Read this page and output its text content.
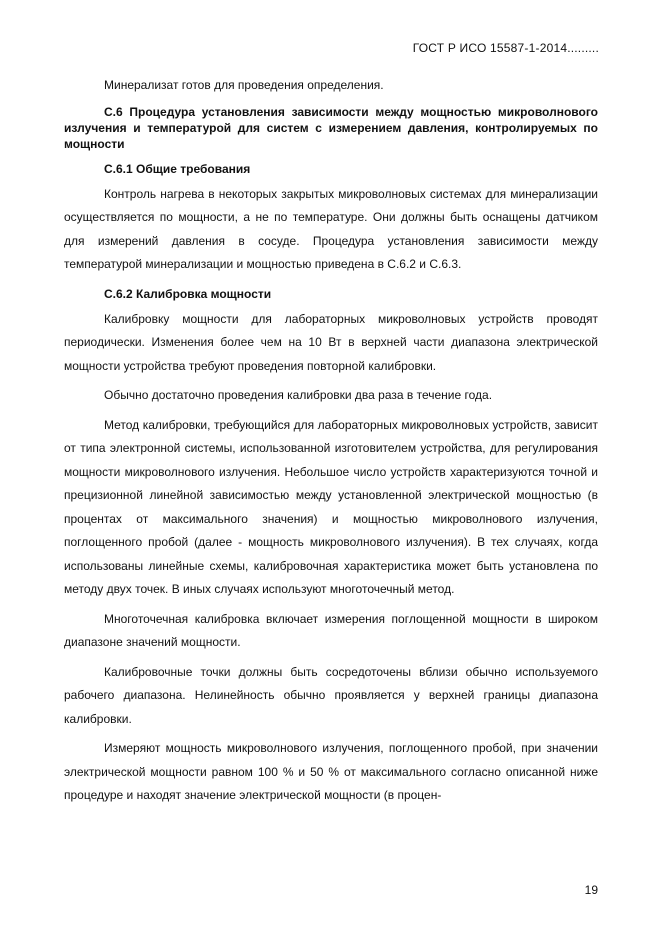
ГОСТ Р ИСО 15587-1-2014.........

Минерализат готов для проведения определения.

С.6 Процедура установления зависимости между мощностью микроволнового излучения и температурой для систем с измерением давления, контролируемых по мощности
С.6.1 Общие требования

Контроль нагрева в некоторых закрытых микроволновых системах для минерализации осуществляется по мощности, а не по температуре. Они должны быть оснащены датчиком для измерений давления в сосуде. Процедура установления зависимости между температурой минерализации и мощностью приведена в С.6.2 и С.6.3.

С.6.2 Калибровка мощности

Калибровку мощности для лабораторных микроволновых устройств проводят периодически. Изменения более чем на 10 Вт в верхней части диапазона электрической мощности устройства требуют проведения повторной калибровки.

Обычно достаточно проведения калибровки два раза в течение года.

Метод калибровки, требующийся для лабораторных микроволновых устройств, зависит от типа электронной системы, использованной изготовителем устройства, для регулирования мощности микроволнового излучения. Небольшое число устройств характеризуются точной и прецизионной линейной зависимостью между установленной электрической мощностью (в процентах от максимального значения) и мощностью микроволнового излучения, поглощенного пробой (далее - мощность микроволнового излучения). В тех случаях, когда использованы линейные схемы, калибровочная характеристика может быть установлена по методу двух точек. В иных случаях используют многоточечный метод.

Многоточечная калибровка включает измерения поглощенной мощности в широком диапазоне значений мощности.

Калибровочные точки должны быть сосредоточены вблизи обычно используемого рабочего диапазона. Нелинейность обычно проявляется у верхней границы диапазона калибровки.

Измеряют мощность микроволнового излучения, поглощенного пробой, при значении электрической мощности равном 100 % и 50 % от максимального согласно описанной ниже процедуре и находят значение электрической мощности (в процен-

19
